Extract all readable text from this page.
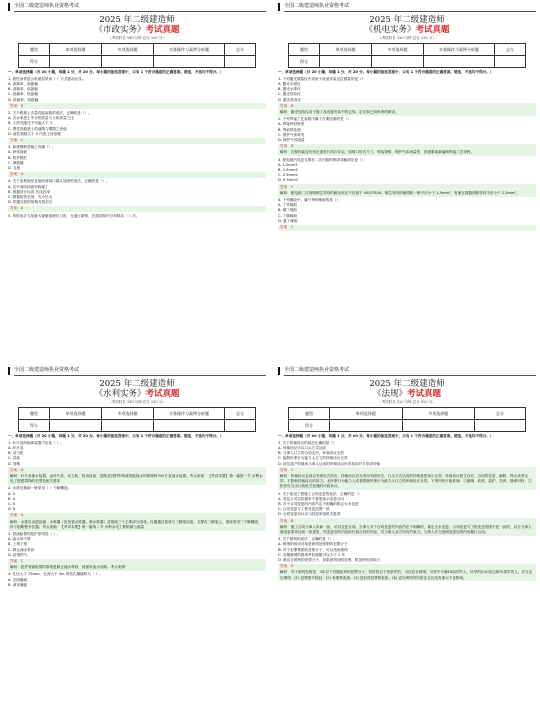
全国二级建造师执业资格考试
2025 年二级建造师
《市政实务》考试真题
（考试时长 150 分钟 总分 120 分）
题型	单项选择题	多项选择题	实务操作与案例分析题	总分
得分				
一、单项选择题（共 20 小题，每题 1 分，共 20 分。每小题的备选答案中，只有 1 个符合题意的正确答案。错选，不选均不得分。）
1. 改性沥青混合料面层采用（ ）方式振动压实。
A. 高频率、高振幅
B. 高频率、低振幅
C. 低频率、低振幅
D. 低频率、高振幅
答案：B
2. 关于路基土含量性能参数的说法，正确的是（）。
A. 含水率是土中水的质量与土体质量之比
B. 土的孔隙比不可能大于 1
C. 塑性指数是土的液限与塑限之差值
D. 液性指数大于 0 代表土体坚硬
答案：C
3. 新建钢筋混凝土有碳（）。
A. 砂浆抹面
B. 防护模栏
C. 伸缩缝
D. 支座
答案：D
4. 关于盾构始发及接收前洞口端头加固的说法，正确的是（）。
A. 边中间向四周对称施工
B. 根据设计标高 先浅后深
C. 根据桩的长细，先小后大
D. 根据实桩的规格先短后长
答案：A
5. 的恢复应力是最大紧缩加埋后力的，无道压紧韧，在搅拌制内分作移动（ ）次。
全国二级建造师执业资格考试
2025 年二级建造师
《机电实务》考试真题
（考试时长 150 分钟 总分 120 分）
题型	单项选择题	多项选择题	实务操作与案例分析题	总分
得分				
一、单项选择题（共 20 小题，每题 1 分，共 20 分。每小题的备选答案中，只有 1 个符合题意的正确答案。错选，不选均不得分。）
1. 下列激光测量仪中适用于设备安装定位测量的是（）
A. 激光平面仪
B. 激光水准仪
C. 激光经纬仪
D. 激光准直仪
答案：D
解析：激光经纬仪用于施工及设备安装中的定线、定位和已知角度的测设。
2. 下列焊接工艺参数中属于次要因素的是（）
A. 焊接焊材厚度
B. 焊前热处理
C. 保护气体种类
D. 保护气体流量
答案：D
解析：次要因素变化则无需进行再次评定。如坡口形式尺寸，焊接规格，保护气体流量等，但需要重新编制焊接工艺规程。
3. 配电箱内电盒支撑在二次回路的铜导线截面应是（）
A. 1.0mm2
B. 1.5mm2
C. 2.5mm2
D. 0.5mm2
答案：C
解析：配电箱二次回路铜芯导线的耐压电压不应低于 450/750V，铜芯导线的截面积一般不应小于 1.5mm²，电流互感器回路导线不应小于 2.5mm²。
4. 下列橡胶中，属于特种橡胶的是（）
A. 丁苯橡胶
B. 顺丁橡胶
C. 丁腈橡胶
D. 氯丁橡胶
答案：C
全国二级建造师执业资格考试
2025 年二级建造师
《水利实务》考试真题
（考试时长 150 分钟 总分 120 分）
题型	单项选择题	多项选择题	实务操作与案例分析题	总分
得分				
一、单项选择题（共 20 小题，每题 1 分，共 20 分。每小题的备选答案中，只有 1 个符合题意的正确答案。错选，不选均不得分。）
1. 叶片泵的轴承装置不包括（ ）。
A. 叶片泵
B. 动力机
C. 泵座
D. 管路
答案：D
解析：叶片泵抽水装置，由叶片泵、动力机、传动设备、管路及其附件构成的能抽水的系统称为叶片泵抽水装置。考点来源：【考试本册】第一篇第一节 水利水电工程建筑物的类型及相关要求
2. 水准仪基础一般采用（ ）个脚螺旋。
A. 3
B. 4
C. 5
D. 6
答案：A
解析：水准仪由望远镜、水准器（包括管水准器、圆水准器）及基座三个主要部分组成。仪器通过基座与三脚架连接。支撑在三脚架上，基座采用三个脚螺旋，用于粗略整平仪器。考点来源：【考试本册】第一篇第二节 水利水电工程勘测与测量
3. 管涌险情的抢护原则是（ ）。
A. 临水坝子堵
B. 上堵下排
C. 制止涌水带砂
D. 抢堵的气
答案：C
解析：抢护管涌险情的原则是制止涌水带砂，而留有渗水出路。考点来源：
4. 孔径大于 75mm、孔深大于 5m 的钻孔爆破称为（ ）。
A. 光面爆破
B. 洞室爆破
全国二级建造师执业资格考试
2025 年二级建造师
《法规》考试真题
（考试时长 120 分钟 总分 100 分）
题型	单项选择题	多项选择题	总分
得分			
一、单项选择题（共 60 小题，每题 1 分，共 60 分。每小题的备选答案中，只有 1 个符合题意的正确答案。错选，不选均不得分。）
1. 关于仲裁协议的说法正确的是（）
A. 仲裁协议可以口头方式达成
B. 当事人订立的合同无效，仲裁协议无效
C. 能制民事行为能力人订立的仲裁协议无效
D. 涉及遗产的继承当事人达成的仲裁协议仍有权向对方申请仲裁
答案：C
解析：仲裁协议必须以书面形式作出，仲裁协议应当采用书面形式，口头方式达成的仲裁意思表示无效。仲裁协议独立存在，合同的变更、解除、终止或者无效，不影响仲裁协议的效力。无民事行为能力人或者限制民事行为能力人订立的仲裁协议无效。下列纠纷不能仲裁：①婚姻、收养、监护、扶养、继承纠纷；②依法应当由行政机关处理的行政争议。
2. 关于建设工程施工合同变更的说法，正确的是（）
A. 发包人可以依据单方意思表示变更合同
B. 对于合同变更的内容约定不明确的推定为未变更
C. 合同变更与工程变更范围一致
D. 合同变更协议应当经原审批机关批准
答案：B
解析：施工合同当事人协商一致，可以变更合同。当事人对于合同变更的内容约定不明确的，推定为未变更。合同变更与工程变更范围不是一致的，双方当事人就变更事项达成一致意见，则变更后的内容取代原合同的内容，对当事人双方均有约束力。当事人应当按照变更后的内容履行合同。
3. 关于缓刑的说法，正确的是（）。
A. 缓刑的适用对象是被判处管制的犯罪分子
B. 对于犯罪集团的首要分子，可以适用缓刑
C. 有期缓刑的缓刑考验期限可以少于 1 年
D. 被宣告缓刑的犯罪分子，如果被判处附加刑，附加刑仍须执行
答案：D
解析：对于被判处拘役、3年以下有期徒刑的犯罪分子，同时符合下列条件的，可以宣告缓刑。对其中不满18周岁的人、怀孕的妇女和已满75周岁的人，应当宣告缓刑：(1) 犯罪情节较轻；(2) 有悔罪表现；(3) 没有再犯罪的危险；(4) 宣告缓刑对所居住社区没有重大不良影响。
